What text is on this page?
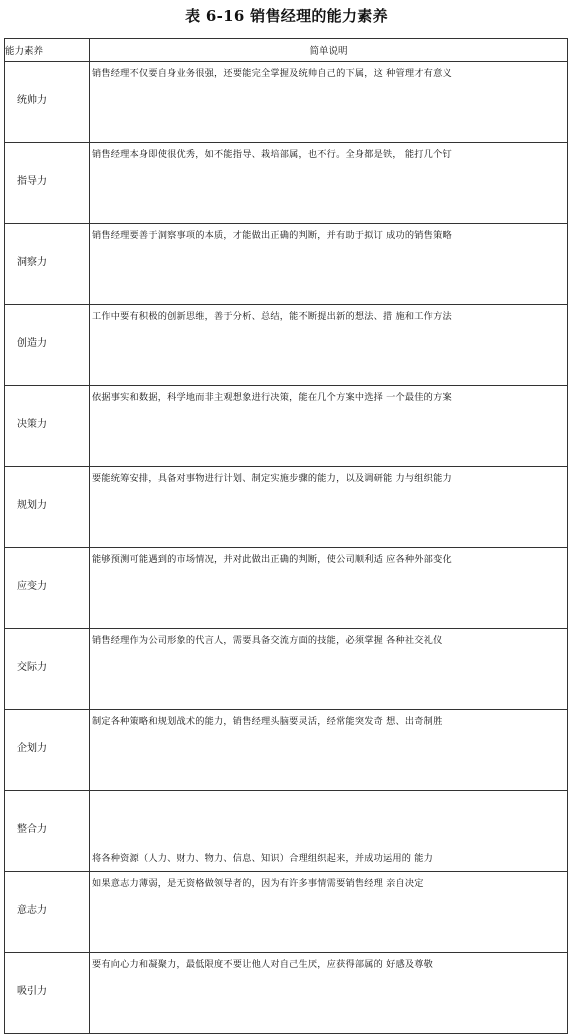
表 6-16 销售经理的能力素养
能力素养	简单说明
统帅力	销售经理不仅要自身业务很强，还要能完全掌握及统帅自己的下属，这 种管理才有意义
指导力	销售经理本身即使很优秀，如不能指导、栽培部属，也不行。全身都是铁， 能打几个钉
洞察力	销售经理要善于洞察事项的本质，才能做出正确的判断，并有助于拟订 成功的销售策略
创造力	工作中要有积极的创新思维，善于分析、总结，能不断提出新的想法、措 施和工作方法
决策力	依据事实和数据，科学地而非主观想象进行决策，能在几个方案中选择 一个最佳的方案
规划力	要能统筹安排，具备对事物进行计划、制定实施步骤的能力，以及调研能 力与组织能力
应变力	能够预测可能遇到的市场情况，并对此做出正确的判断，使公司顺利适 应各种外部变化
交际力	销售经理作为公司形象的代言人，需要具备交流方面的技能，必须掌握 各种社交礼仪
企划力	制定各种策略和规划战术的能力，销售经理头脑要灵活，经常能突发奇 想、出奇制胜
整合力	将各种资源（人力、财力、物力、信息、知识）合理组织起来，并成功运用的 能力
意志力	如果意志力薄弱，是无资格做领导者的，因为有许多事情需要销售经理 亲自决定
吸引力	要有向心力和凝聚力，最低限度不要让他人对自己生厌，应获得部属的 好感及尊敬
